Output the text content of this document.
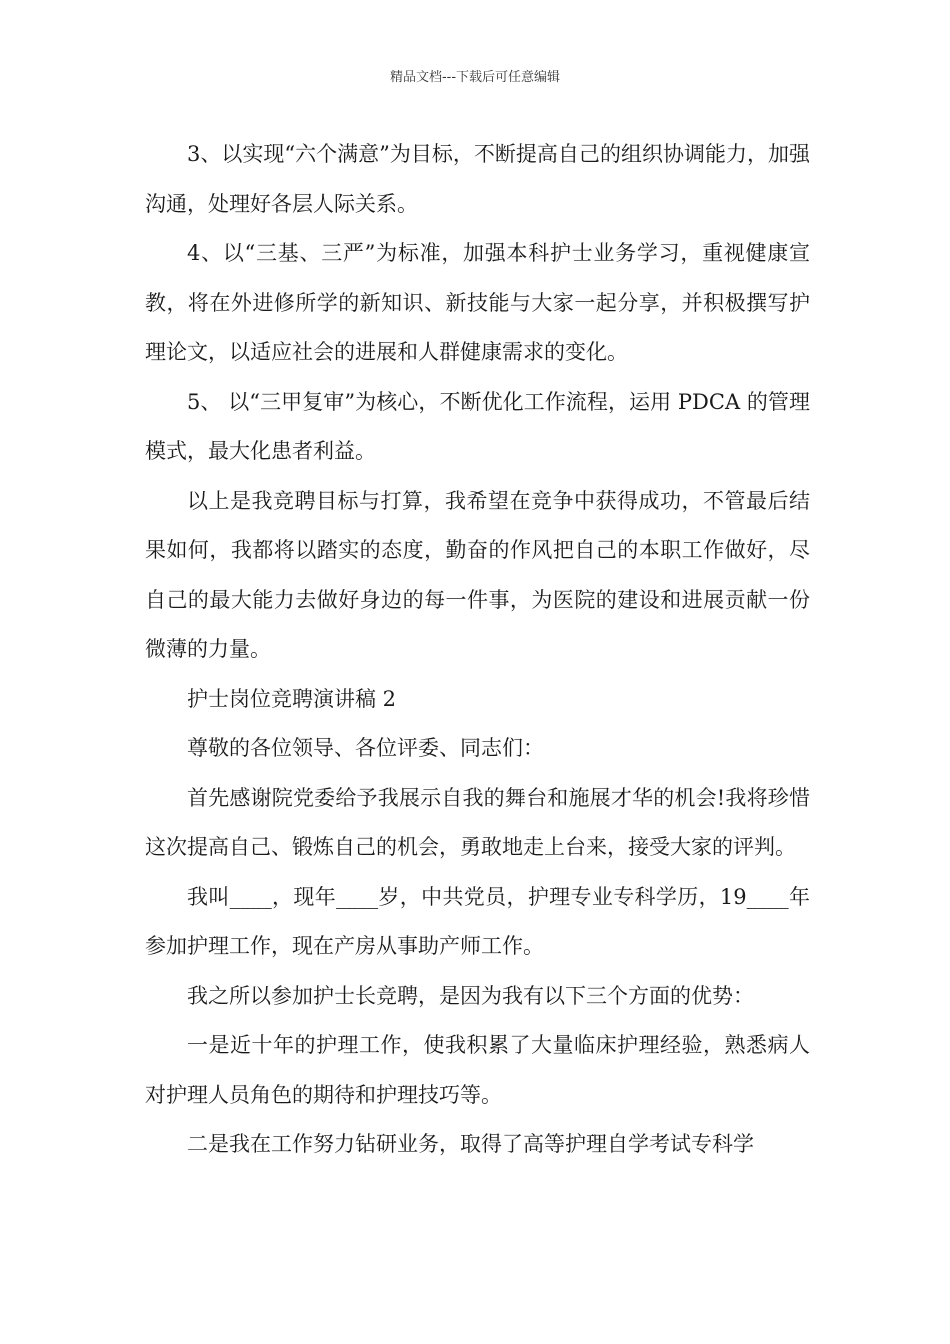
精品文档---下载后可任意编辑

3、以实现“六个满意”为目标，不断提高自己的组织协调能力，加强沟通，处理好各层人际关系。

4、以“三基、三严”为标准，加强本科护士业务学习，重视健康宣教，将在外进修所学的新知识、新技能与大家一起分享，并积极撰写护理论文，以适应社会的进展和人群健康需求的变化。

5、 以“三甲复审”为核心，不断优化工作流程，运用 PDCA 的管理模式，最大化患者利益。

以上是我竞聘目标与打算，我希望在竞争中获得成功，不管最后结果如何，我都将以踏实的态度，勤奋的作风把自己的本职工作做好，尽自己的最大能力去做好身边的每一件事，为医院的建设和进展贡献一份微薄的力量。

护士岗位竞聘演讲稿 2

尊敬的各位领导、各位评委、同志们：

首先感谢院党委给予我展示自我的舞台和施展才华的机会!我将珍惜这次提高自己、锻炼自己的机会，勇敢地走上台来，接受大家的评判。

我叫____，现年____岁，中共党员，护理专业专科学历，19____年参加护理工作，现在产房从事助产师工作。

我之所以参加护士长竞聘，是因为我有以下三个方面的优势：

一是近十年的护理工作，使我积累了大量临床护理经验，熟悉病人对护理人员角色的期待和护理技巧等。

二是我在工作努力钻研业务，取得了高等护理自学考试专科学
